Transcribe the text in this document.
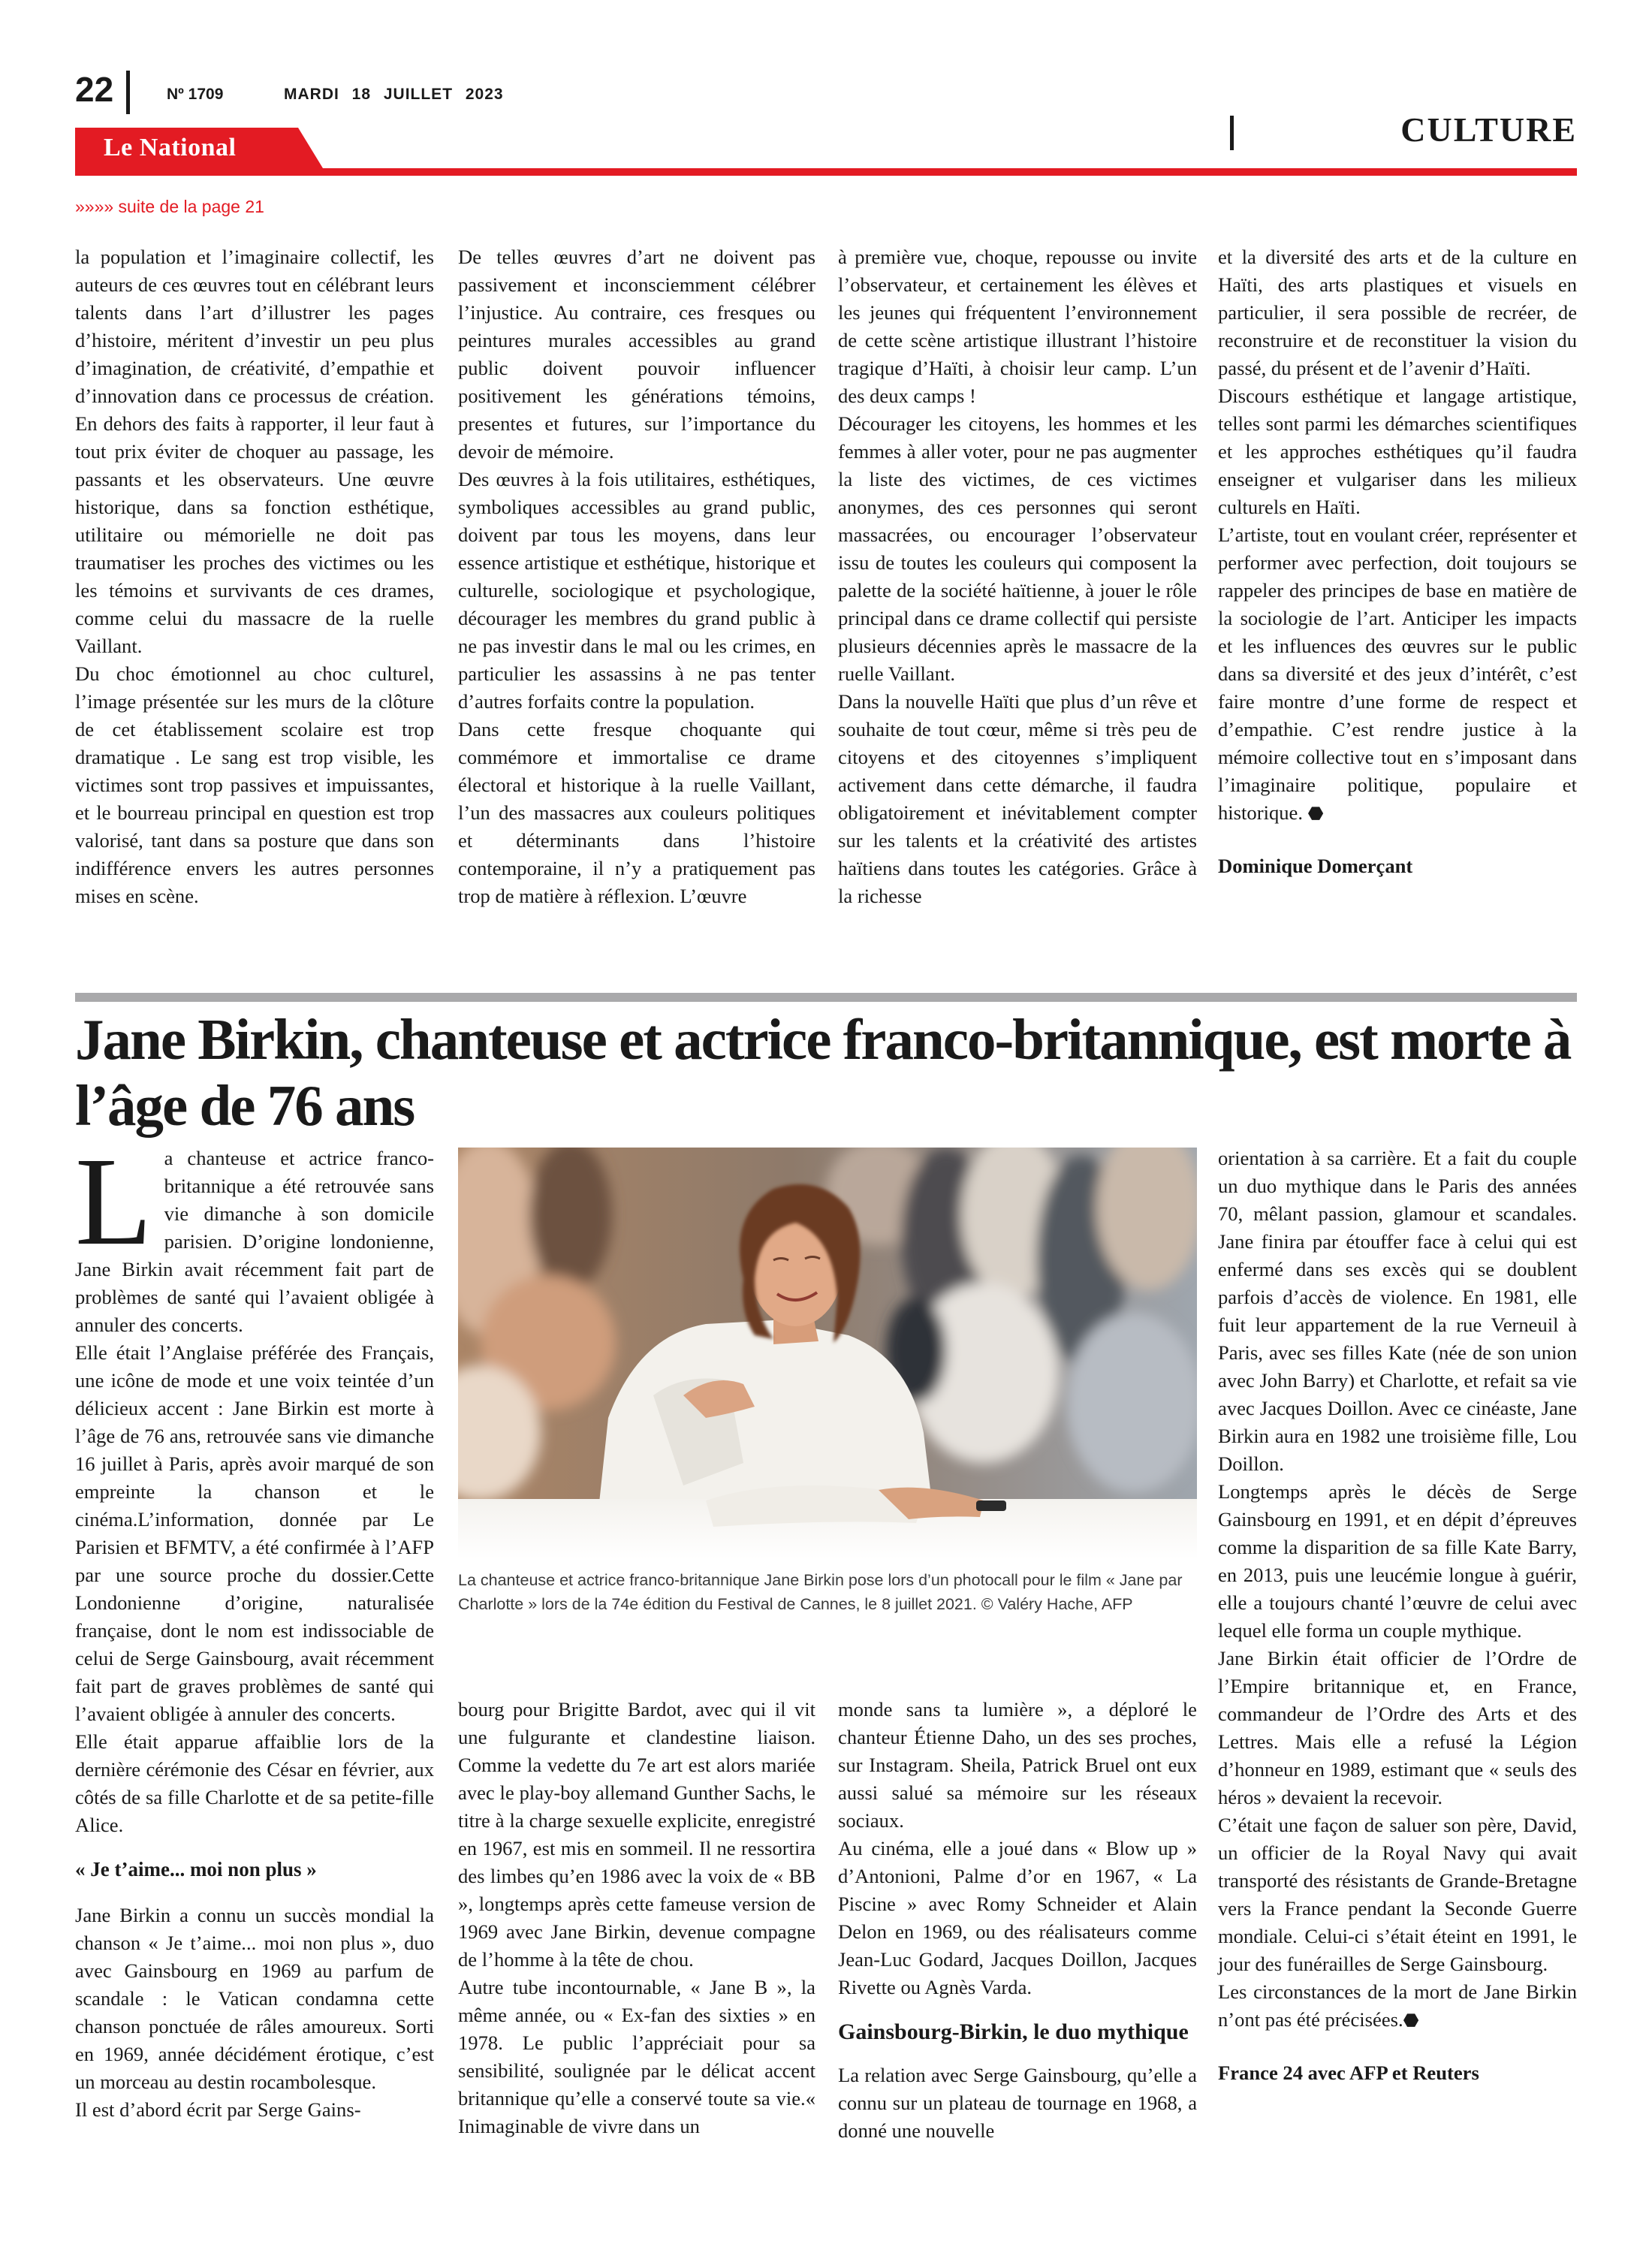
22	Nº 1709	MARDI 18 JUILLET 2023
Le National	CULTURE
»»»» suite de la page 21

la population et l’imaginaire collectif, les auteurs de ces œuvres tout en célébrant leurs talents dans l’art d’illustrer les pages d’histoire, méritent d’investir un peu plus d’imagination, de créativité, d’empathie et d’innovation dans ce processus de création. En dehors des faits à rapporter, il leur faut à tout prix éviter de choquer au passage, les passants et les observateurs. Une œuvre historique, dans sa fonction esthétique, utilitaire ou mémorielle ne doit pas traumatiser les proches des victimes ou les les témoins et survivants de ces drames, comme celui du massacre de la ruelle Vaillant.

Du choc émotionnel au choc culturel, l’image présentée sur les murs de la clôture de cet établissement scolaire est trop dramatique . Le sang est trop visible, les victimes sont trop passives et impuissantes, et le bourreau principal en question est trop valorisé, tant dans sa posture que dans son indifférence envers les autres personnes mises en scène.

De telles œuvres d’art ne doivent pas passivement et inconsciemment célébrer l’injustice. Au contraire, ces fresques ou peintures murales accessibles au grand public doivent pouvoir influencer positivement les générations témoins, presentes et futures, sur l’importance du devoir de mémoire.

Des œuvres à la fois utilitaires, esthétiques, symboliques accessibles au grand public, doivent par tous les moyens, dans leur essence artistique et esthétique, historique et culturelle, sociologique et psychologique, décourager les membres du grand public à ne pas investir dans le mal ou les crimes, en particulier les assassins à ne pas tenter d’autres forfaits contre la population.

Dans cette fresque choquante qui commémore et immortalise ce drame électoral et historique à la ruelle Vaillant, l’un des massacres aux couleurs politiques et déterminants dans l’histoire contemporaine, il n’y a pratiquement pas trop de matière à réflexion. L’œuvre

à première vue, choque, repousse ou invite l’observateur, et certainement les élèves et les jeunes qui fréquentent l’environnement de cette scène artistique illustrant l’histoire tragique d’Haïti, à choisir leur camp. L’un des deux camps !

Décourager les citoyens, les hommes et les femmes à aller voter, pour ne pas augmenter la liste des victimes, de ces victimes anonymes, des ces personnes qui seront massacrées, ou encourager l’observateur issu de toutes les couleurs qui composent la palette de la société haïtienne, à jouer le rôle principal dans ce drame collectif qui persiste plusieurs décennies après le massacre de la ruelle Vaillant.

Dans la nouvelle Haïti que plus d’un rêve et souhaite de tout cœur, même si très peu de citoyens et des citoyennes s’impliquent activement dans cette démarche, il faudra obligatoirement et inévitablement compter sur les talents et la créativité des artistes haïtiens dans toutes les catégories. Grâce à la richesse

et la diversité des arts et de la culture en Haïti, des arts plastiques et visuels en particulier, il sera possible de recréer, de reconstruire et de reconstituer la vision du passé, du présent et de l’avenir d’Haïti.

Discours esthétique et langage artistique, telles sont parmi les démarches scientifiques et les approches esthétiques qu’il faudra enseigner et vulgariser dans les milieux culturels en Haïti.

L’artiste, tout en voulant créer, représenter et performer avec perfection, doit toujours se rappeler des principes de base en matière de la sociologie de l’art. Anticiper les impacts et les influences des œuvres sur le public dans sa diversité et des jeux d’intérêt, c’est faire montre d’une forme de respect et d’empathie. C’est rendre justice à la mémoire collective tout en s’imposant dans l’imaginaire politique, populaire et historique. ⬣

Dominique Domerçant

Jane Birkin, chanteuse et actrice franco-britannique, est morte à l’âge de 76 ans

La chanteuse et actrice franco-britannique a été retrouvée sans vie dimanche à son domicile parisien. D’origine londonienne, Jane Birkin avait récemment fait part de problèmes de santé qui l’avaient obligée à annuler des concerts.

Elle était l’Anglaise préférée des Français, une icône de mode et une voix teintée d’un délicieux accent : Jane Birkin est morte à l’âge de 76 ans, retrouvée sans vie dimanche 16 juillet à Paris, après avoir marqué de son empreinte la chanson et le cinéma.L’information, donnée par Le Parisien et BFMTV, a été confirmée à l’AFP par une source proche du dossier.Cette Londonienne d’origine, naturalisée française, dont le nom est indissociable de celui de Serge Gainsbourg, avait récemment fait part de graves problèmes de santé qui l’avaient obligée à annuler des concerts.

Elle était apparue affaiblie lors de la dernière cérémonie des César en février, aux côtés de sa fille Charlotte et de sa petite-fille Alice.

« Je t’aime... moi non plus »

Jane Birkin a connu un succès mondial la chanson « Je t’aime... moi non plus », duo avec Gainsbourg en 1969 au parfum de scandale : le Vatican condamna cette chanson ponctuée de râles amoureux. Sorti en 1969, année décidément érotique, c’est un morceau au destin rocambolesque.

Il est d’abord écrit par Serge Gains-

La chanteuse et actrice franco-britannique Jane Birkin pose lors d’un photocall pour le film « Jane par Charlotte » lors de la 74e édition du Festival de Cannes, le 8 juillet 2021. © Valéry Hache, AFP

bourg pour Brigitte Bardot, avec qui il vit une fulgurante et clandestine liaison. Comme la vedette du 7e art est alors mariée avec le play-boy allemand Gunther Sachs, le titre à la charge sexuelle explicite, enregistré en 1967, est mis en sommeil. Il ne ressortira des limbes qu’en 1986 avec la voix de « BB », longtemps après cette fameuse version de 1969 avec Jane Birkin, devenue compagne de l’homme à la tête de chou.

Autre tube incontournable, « Jane B », la même année, ou « Ex-fan des sixties » en 1978. Le public l’appréciait pour sa sensibilité, soulignée par le délicat accent britannique qu’elle a conservé toute sa vie.« Inimaginable de vivre dans un

monde sans ta lumière », a déploré le chanteur Étienne Daho, un des ses proches, sur Instagram. Sheila, Patrick Bruel ont eux aussi salué sa mémoire sur les réseaux sociaux.

Au cinéma, elle a joué dans « Blow up » d’Antonioni, Palme d’or en 1967, « La Piscine » avec Romy Schneider et Alain Delon en 1969, ou des réalisateurs comme Jean-Luc Godard, Jacques Doillon, Jacques Rivette ou Agnès Varda.

Gainsbourg-Birkin, le duo mythique

La relation avec Serge Gainsbourg, qu’elle a connu sur un plateau de tournage en 1968, a donné une nouvelle

orientation à sa carrière. Et a fait du couple un duo mythique dans le Paris des années 70, mêlant passion, glamour et scandales. Jane finira par étouffer face à celui qui est enfermé dans ses excès qui se doublent parfois d’accès de violence. En 1981, elle fuit leur appartement de la rue Verneuil à Paris, avec ses filles Kate (née de son union avec John Barry) et Charlotte, et refait sa vie avec Jacques Doillon. Avec ce cinéaste, Jane Birkin aura en 1982 une troisième fille, Lou Doillon.

Longtemps après le décès de Serge Gainsbourg en 1991, et en dépit d’épreuves comme la disparition de sa fille Kate Barry, en 2013, puis une leucémie longue à guérir, elle a toujours chanté l’œuvre de celui avec lequel elle forma un couple mythique.

Jane Birkin était officier de l’Ordre de l’Empire britannique et, en France, commandeur de l’Ordre des Arts et des Lettres. Mais elle a refusé la Légion d’honneur en 1989, estimant que « seuls des héros » devaient la recevoir.

C’était une façon de saluer son père, David, un officier de la Royal Navy qui avait transporté des résistants de Grande-Bretagne vers la France pendant la Seconde Guerre mondiale. Celui-ci s’était éteint en 1991, le jour des funérailles de Serge Gainsbourg.

Les circonstances de la mort de Jane Birkin n’ont pas été précisées.⬣

France 24 avec AFP et Reuters
